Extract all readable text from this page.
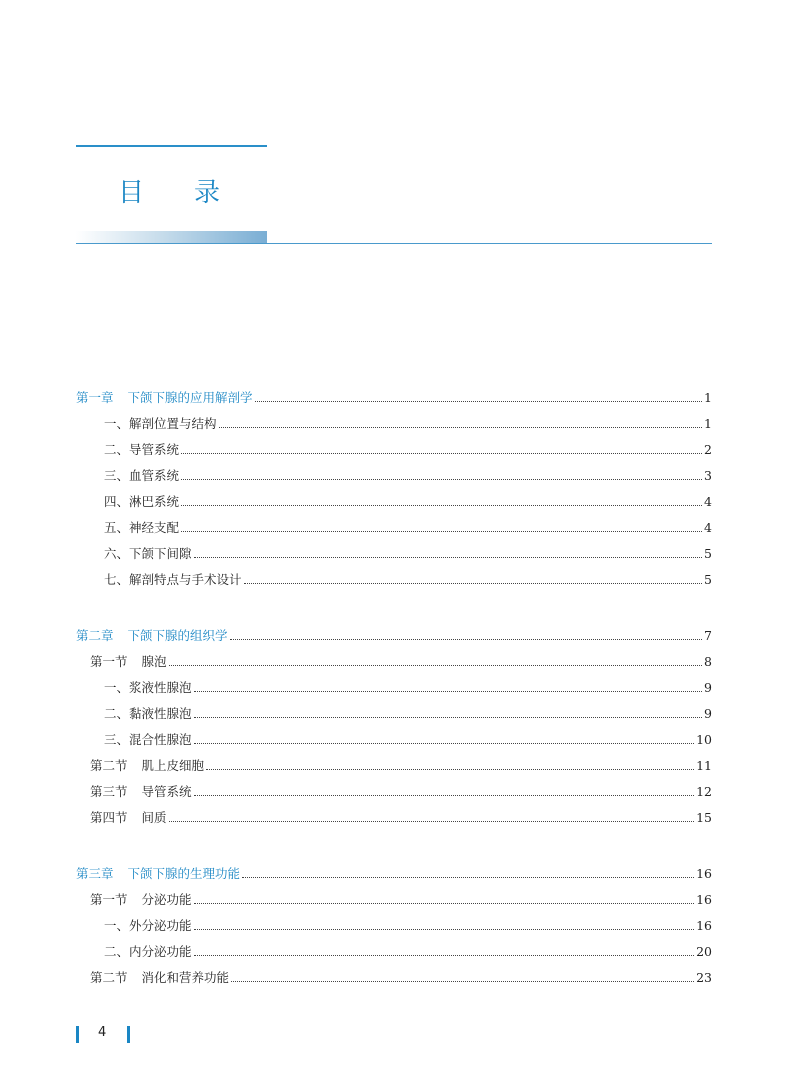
目 录
第一章 下颌下腺的应用解剖学	1
一、解剖位置与结构	1
二、导管系统	2
三、血管系统	3
四、淋巴系统	4
五、神经支配	4
六、下颌下间隙	5
七、解剖特点与手术设计	5
第二章 下颌下腺的组织学	7
第一节 腺泡	8
一、浆液性腺泡	9
二、黏液性腺泡	9
三、混合性腺泡	10
第二节 肌上皮细胞	11
第三节 导管系统	12
第四节 间质	15
第三章 下颌下腺的生理功能	16
第一节 分泌功能	16
一、外分泌功能	16
二、内分泌功能	20
第二节 消化和营养功能	23
4
